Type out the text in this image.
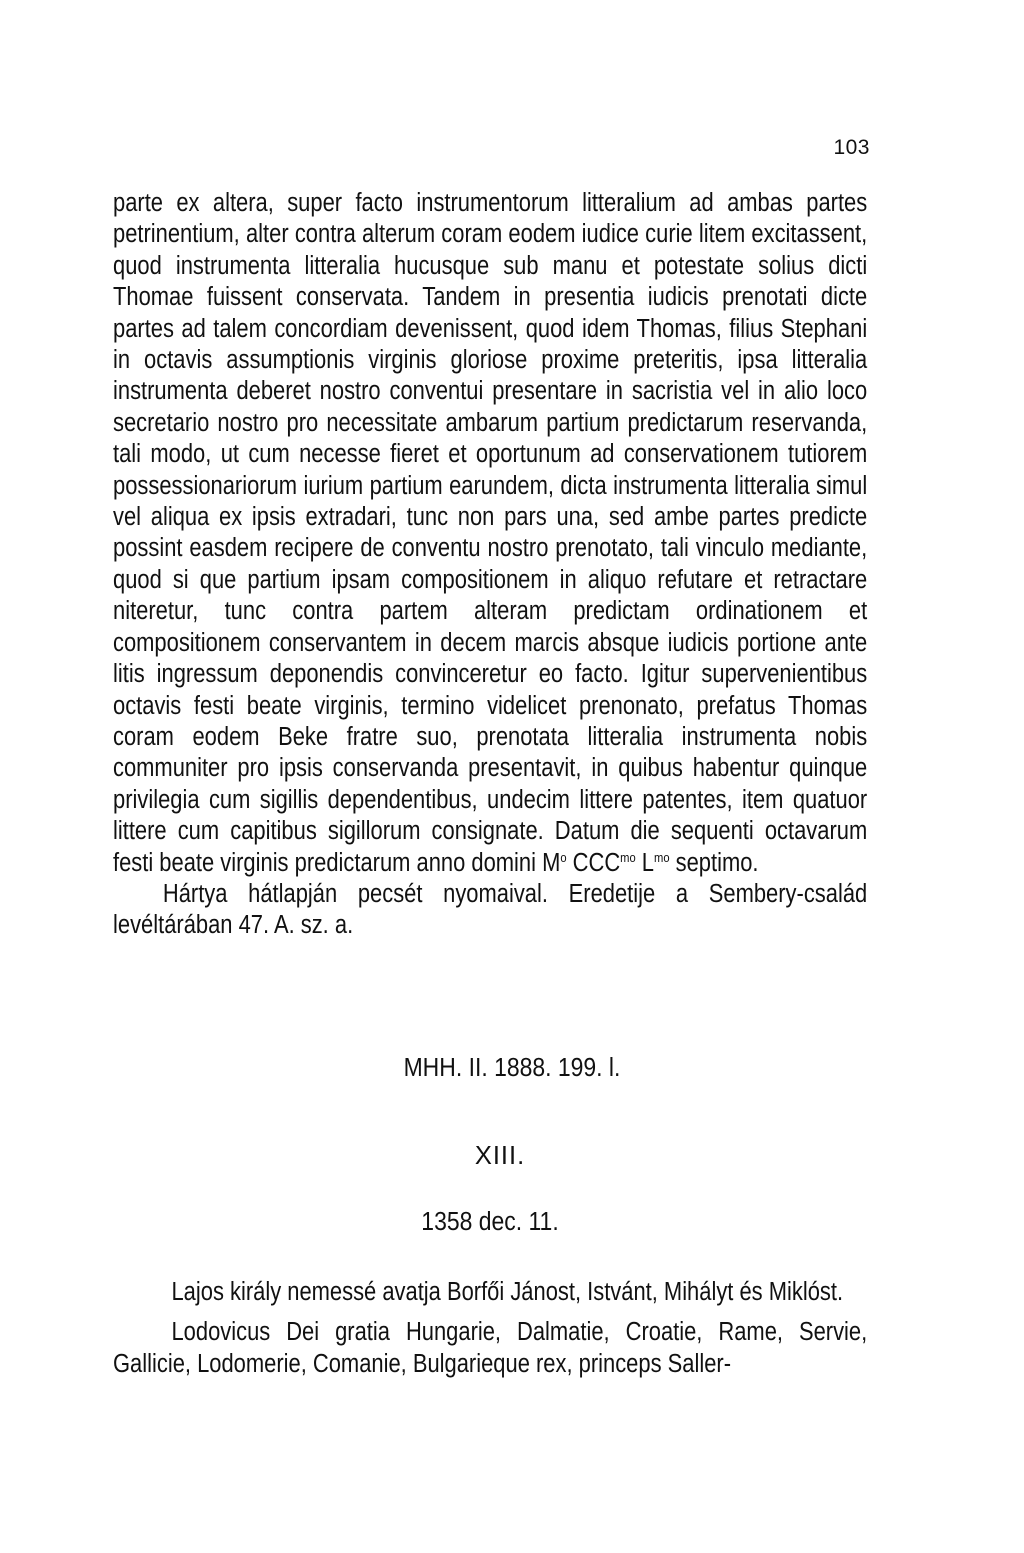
103

parte ex altera, super facto instrumentorum litteralium ad ambas partes petrinentium, alter contra alterum coram eodem iudice curie litem excitassent, quod instrumenta litteralia hucusque sub manu et potestate solius dicti Thomae fuissent conservata. Tandem in presentia iudicis prenotati dicte partes ad talem concordiam devenissent, quod idem Thomas, filius Stephani in octavis assumptionis virginis gloriose proxime preteritis, ipsa litteralia instrumenta deberet nostro conventui presentare in sacristia vel in alio loco secretario nostro pro necessitate ambarum partium predictarum reservanda, tali modo, ut cum necesse fieret et oportunum ad conservationem tutiorem possessionariorum iurium partium earundem, dicta instrumenta litteralia simul vel aliqua ex ipsis extradari, tunc non pars una, sed ambe partes predicte possint easdem recipere de conventu nostro prenotato, tali vinculo mediante, quod si que partium ipsam compositionem in aliquo refutare et retractare niteretur, tunc contra partem alteram predictam ordinationem et compositionem conservantem in decem marcis absque iudicis portione ante litis ingressum deponendis convinceretur eo facto. Igitur supervenientibus octavis festi beate virginis, termino videlicet prenonato, prefatus Thomas coram eodem Beke fratre suo, prenotata litteralia instrumenta nobis communiter pro ipsis conservanda presentavit, in quibus habentur quinque privilegia cum sigillis dependentibus, undecim littere patentes, item quatuor littere cum capitibus sigillorum consignate. Datum die sequenti octavarum festi beate virginis predictarum anno domini $M^o$ $CCC^{mo}$ $L^{mo}$ septimo.

Hártya hátlapján pecsét nyomaival. Eredetije a Sembery-család levéltárában 47. A. sz. a.

MHH. II. 1888. 199. l.
XIII.
1358 dec. 11.

Lajos király nemessé avatja Borfői Jánost, Istvánt, Mihályt és Miklóst.

Lodovicus Dei gratia Hungarie, Dalmatie, Croatie, Rame, Servie, Gallicie, Lodomerie, Comanie, Bulgarieque rex, princeps Saller-
